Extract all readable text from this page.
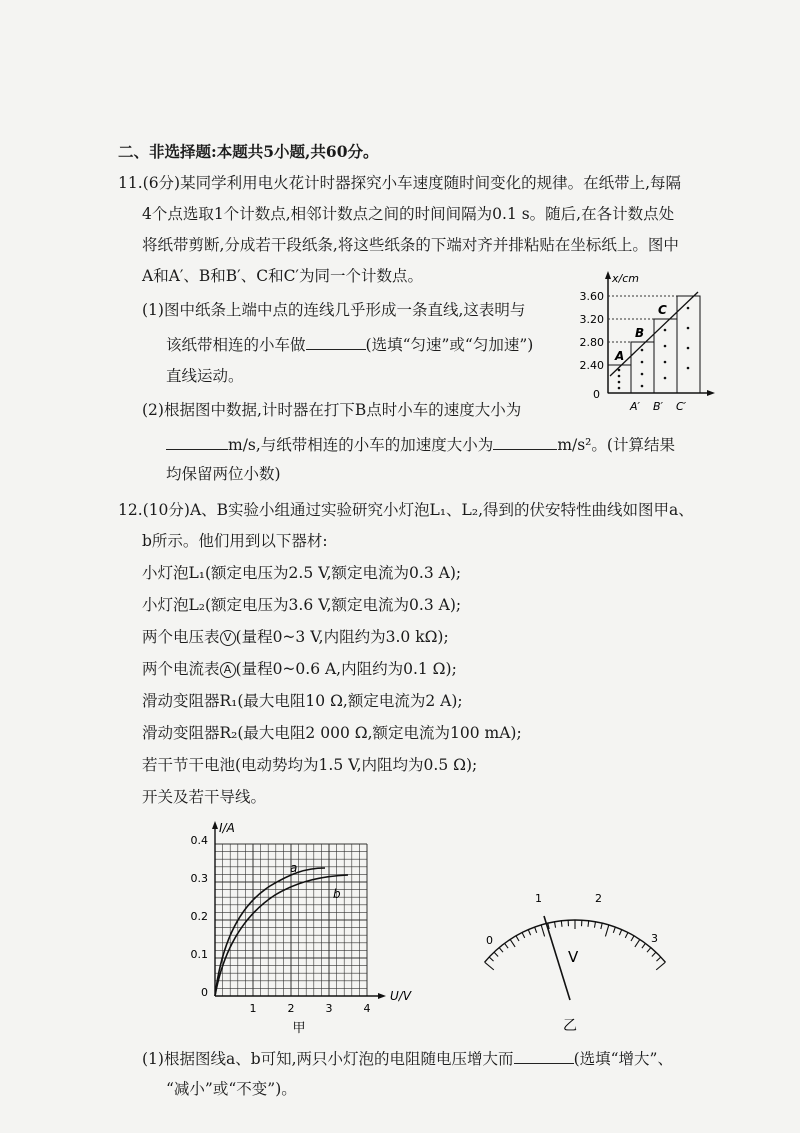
二、非选择题:本题共5小题,共60分。
11.(6分)某同学利用电火花计时器探究小车速度随时间变化的规律。在纸带上,每隔
4个点选取1个计数点,相邻计数点之间的时间间隔为0.1 s。随后,在各计数点处
将纸带剪断,分成若干段纸条,将这些纸条的下端对齐并排粘贴在坐标纸上。图中
A和A′、B和B′、C和C′为同一个计数点。
(1)图中纸条上端中点的连线几乎形成一条直线,这表明与
该纸带相连的小车做	(选填“匀速”或“匀加速”)
直线运动。
(2)根据图中数据,计时器在打下B点时小车的速度大小为
m/s,与纸带相连的小车的加速度大小为	m/s²。(计算结果
均保留两位小数)
x/cm
3.60
3.20
2.80
2.40
0
A
B
C
A′ B′ C′
12.(10分)A、B实验小组通过实验研究小灯泡L₁、L₂,得到的伏安特性曲线如图甲a、
b所示。他们用到以下器材:
小灯泡L₁(额定电压为2.5 V,额定电流为0.3 A);
小灯泡L₂(额定电压为3.6 V,额定电流为0.3 A);
两个电压表 V (量程0~3 V,内阻约为3.0 kΩ);
两个电流表 A (量程0~0.6 A,内阻约为0.1 Ω);
滑动变阻器R₁(最大电阻10 Ω,额定电流为2 A);
滑动变阻器R₂(最大电阻2 000 Ω,额定电流为100 mA);
若干节干电池(电动势均为1.5 V,内阻均为0.5 Ω);
开关及若干导线。
I/A
U/V
0.4
0.3
0.2
0.1
0
1	2	3	4
a
b
甲
0
1	2
3
V
乙
(1)根据图线a、b可知,两只小灯泡的电阻随电压增大而	(选填“增大”、
“减小”或“不变”)。
